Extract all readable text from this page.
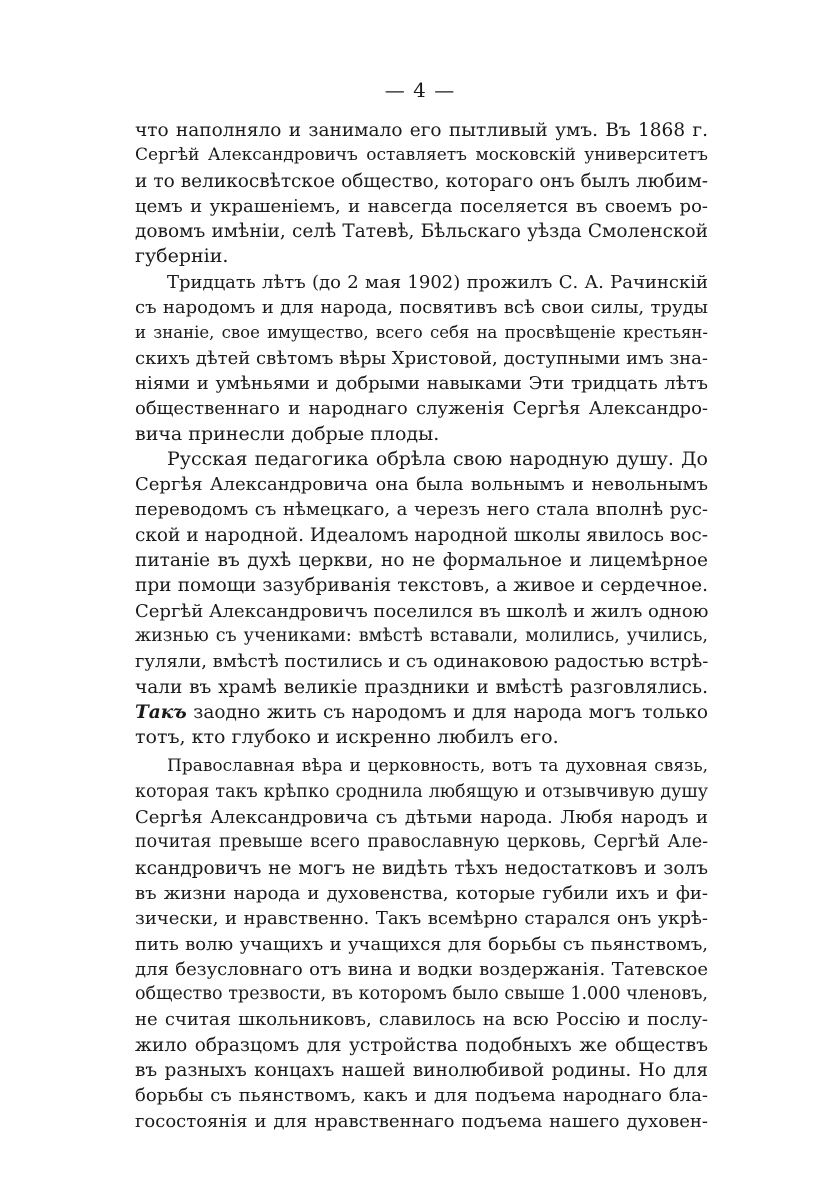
— 4 —
что наполняло и занимало его пытливый умъ. Въ 1868 г.
Сергѣй Александровичъ оставляетъ московскій университетъ
и то великосвѣтское общество, котораго онъ былъ любим-
цемъ и украшеніемъ, и навсегда поселяется въ своемъ ро-
довомъ имѣніи, селѣ Татевѣ, Бѣльскаго уѣзда Смоленской
губерніи.
Тридцать лѣтъ (до 2 мая 1902) прожилъ С. А. Рачинскій
съ народомъ и для народа, посвятивъ всѣ свои силы, труды
и знаніе, свое имущество, всего себя на просвѣщеніе крестьян-
скихъ дѣтей свѣтомъ вѣры Христовой, доступными имъ зна-
ніями и умѣньями и добрыми навыками Эти тридцать лѣтъ
общественнаго и народнаго служенія Сергѣя Александро-
вича принесли добрые плоды.
Русская педагогика обрѣла свою народную душу. До
Сергѣя Александровича она была вольнымъ и невольнымъ
переводомъ съ нѣмецкаго, а черезъ него стала вполнѣ рус-
ской и народной. Идеаломъ народной школы явилось вос-
питаніе въ духѣ церкви, но не формальное и лицемѣрное
при помощи зазубриванія текстовъ, а живое и сердечное.
Сергѣй Александровичъ поселился въ школѣ и жилъ одною
жизнью съ учениками: вмѣстѣ вставали, молились, учились,
гуляли, вмѣстѣ постились и съ одинаковою радостью встрѣ-
чали въ храмѣ великіе праздники и вмѣстѣ разговлялись.
Такъ заодно жить съ народомъ и для народа могъ только
тотъ, кто глубоко и искренно любилъ его.
Православная вѣра и церковность, вотъ та духовная связь,
которая такъ крѣпко сроднила любящую и отзывчивую душу
Сергѣя Александровича съ дѣтьми народа. Любя народъ и
почитая превыше всего православную церковь, Сергѣй Але-
ксандровичъ не могъ не видѣть тѣхъ недостатковъ и золъ
въ жизни народа и духовенства, которые губили ихъ и фи-
зически, и нравственно. Такъ всемѣрно старался онъ укрѣ-
пить волю учащихъ и учащихся для борьбы съ пьянствомъ,
для безусловнаго отъ вина и водки воздержанія. Татевское
общество трезвости, въ которомъ было свыше 1.000 членовъ,
не считая школьниковъ, славилось на всю Россію и послу-
жило образцомъ для устройства подобныхъ же обществъ
въ разныхъ концахъ нашей винолюбивой родины. Но для
борьбы съ пьянствомъ, какъ и для подъема народнаго бла-
госостоянія и для нравственнаго подъема нашего духовен-
